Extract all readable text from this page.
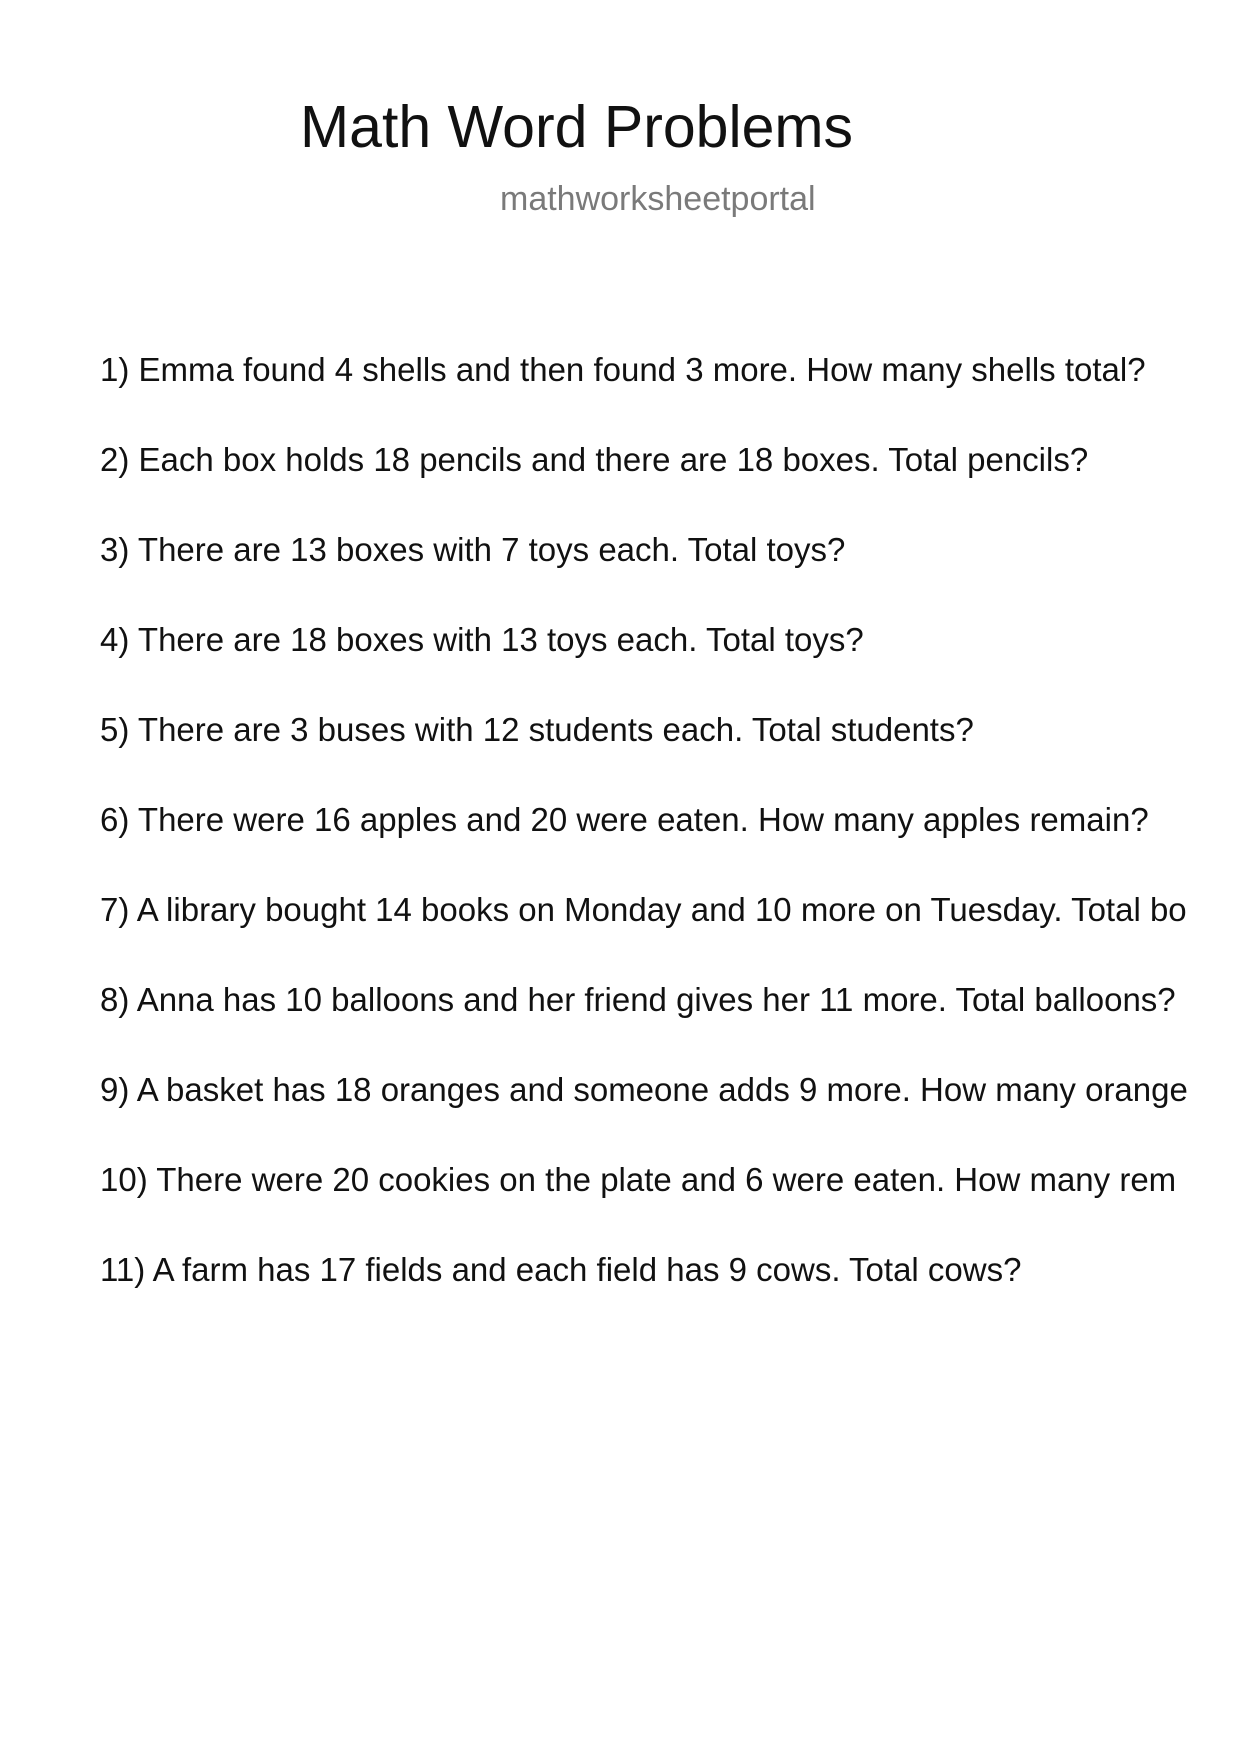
Math Word Problems
mathworksheetportal
1) Emma found 4 shells and then found 3 more. How many shells total?
2) Each box holds 18 pencils and there are 18 boxes. Total pencils?
3) There are 13 boxes with 7 toys each. Total toys?
4) There are 18 boxes with 13 toys each. Total toys?
5) There are 3 buses with 12 students each. Total students?
6) There were 16 apples and 20 were eaten. How many apples remain?
7) A library bought 14 books on Monday and 10 more on Tuesday. Total bo
8) Anna has 10 balloons and her friend gives her 11 more. Total balloons?
9) A basket has 18 oranges and someone adds 9 more. How many orange
10) There were 20 cookies on the plate and 6 were eaten. How many rem
11) A farm has 17 fields and each field has 9 cows. Total cows?
